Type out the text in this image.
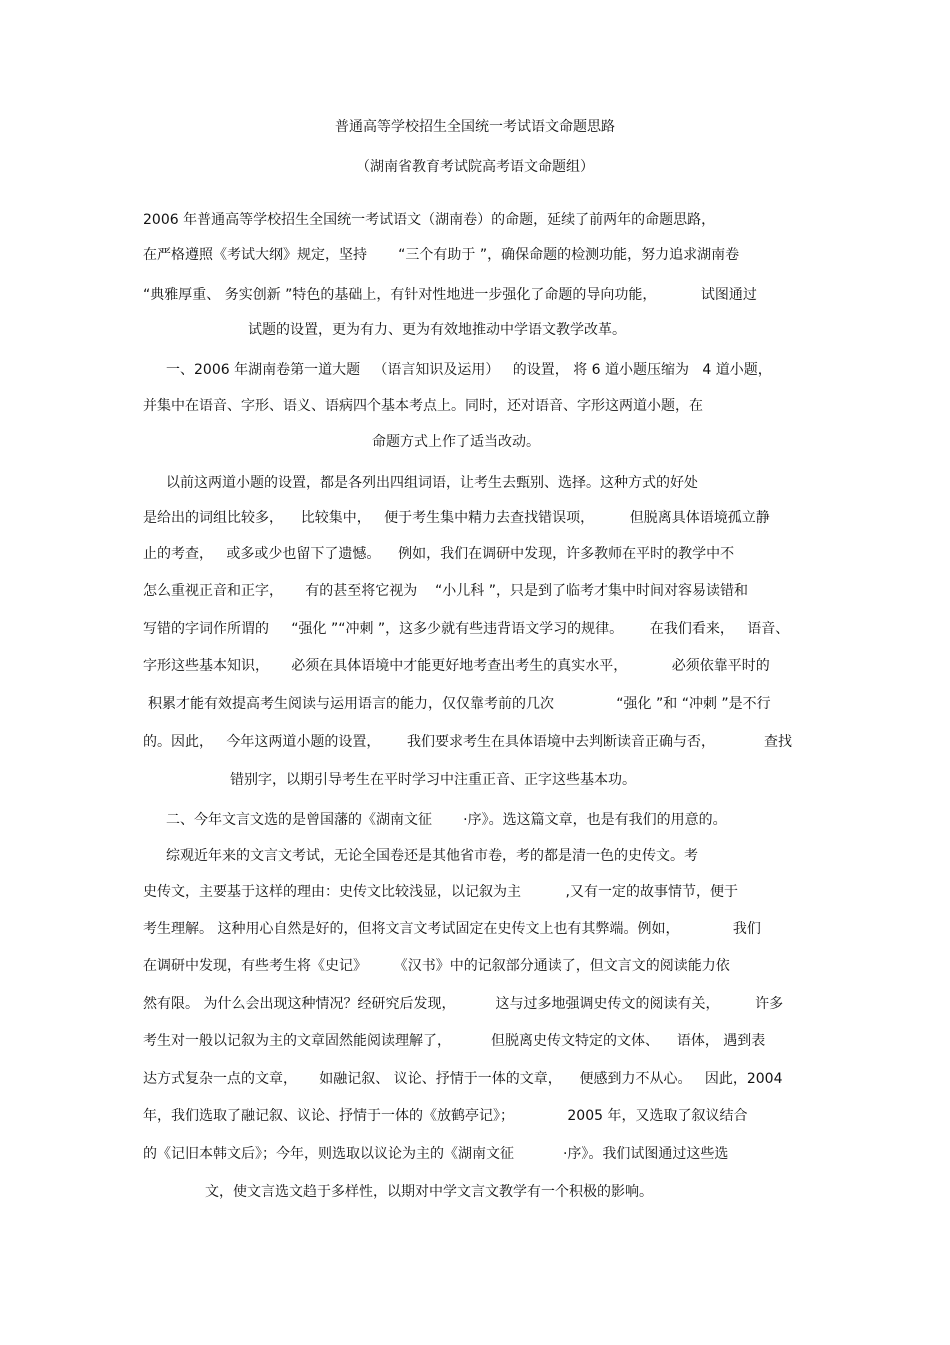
普通高等学校招生全国统一考试语文命题思路
（湖南省教育考试院高考语文命题组）
2006 年普通高等学校招生全国统一考试语文（湖南卷）的命题，延续了前两年的命题思路，
在严格遵照《考试大纲》规定，坚持       “三个有助于 ”，确保命题的检测功能，努力追求湖南卷
“典雅厚重、 务实创新 ”特色的基础上，有针对性地进一步强化了命题的导向功能，          试图通过
试题的设置，更为有力、更为有效地推动中学语文教学改革。
一、2006 年湖南卷第一道大题   （语言知识及运用）   的设置， 将 6 道小题压缩为   4 道小题，
并集中在语音、字形、语义、语病四个基本考点上。同时，还对语音、字形这两道小题，在
命题方式上作了适当改动。
以前这两道小题的设置，都是各列出四组词语，让考生去甄别、选择。这种方式的好处
是给出的词组比较多，    比较集中，   便于考生集中精力去查找错误项，        但脱离具体语境孤立静
止的考查，   或多或少也留下了遗憾。    例如，我们在调研中发现，许多教师在平时的教学中不
怎么重视正音和正字，     有的甚至将它视为    “小儿科 ”，只是到了临考才集中时间对容易读错和
写错的字词作所谓的     “强化 ”“冲刺 ”，这多少就有些违背语文学习的规律。      在我们看来，   语音、
字形这些基本知识，     必须在具体语境中才能更好地考查出考生的真实水平，          必须依靠平时的
积累才能有效提高考生阅读与运用语言的能力，仅仅靠考前的几次              “强化 ”和 “冲刺 ”是不行
的。因此，   今年这两道小题的设置，      我们要求考生在具体语境中去判断读音正确与否，           查找
错别字，以期引导考生在平时学习中注重正音、正字这些基本功。
二、今年文言文选的是曾国藩的《湖南文征       ·序》。选这篇文章，也是有我们的用意的。
综观近年来的文言文考试，无论全国卷还是其他省市卷，考的都是清一色的史传文。考
史传文，主要基于这样的理由：史传文比较浅显，以记叙为主          ,又有一定的故事情节，便于
考生理解。 这种用心自然是好的，但将文言文考试固定在史传文上也有其弊端。例如，            我们
在调研中发现，有些考生将《史记》      《汉书》中的记叙部分通读了，但文言文的阅读能力依
然有限。 为什么会出现这种情况？经研究后发现，         这与过多地强调史传文的阅读有关，        许多
考生对一般以记叙为主的文章固然能阅读理解了，         但脱离史传文特定的文体、    语体， 遇到表
达方式复杂一点的文章，     如融记叙、 议论、抒情于一体的文章，    便感到力不从心。   因此，2004
年，我们选取了融记叙、议论、抒情于一体的《放鹤亭记》；            2005 年，又选取了叙议结合
的《记旧本韩文后》；今年，则选取以议论为主的《湖南文征           ·序》。我们试图通过这些选
文，使文言选文趋于多样性，以期对中学文言文教学有一个积极的影响。
